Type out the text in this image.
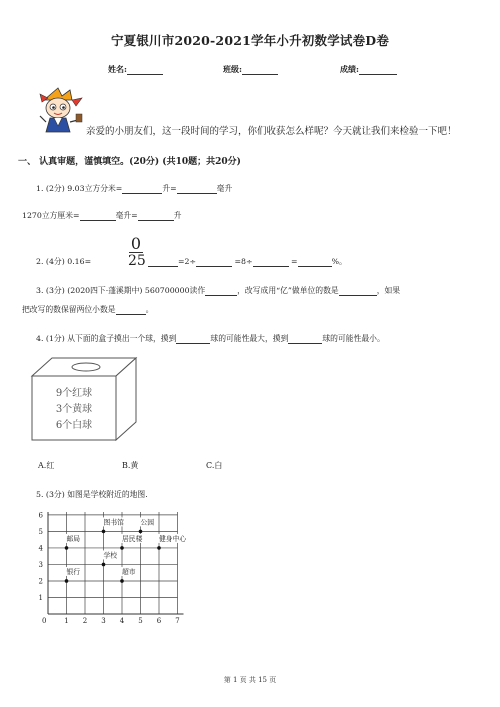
宁夏银川市2020-2021学年小升初数学试卷D卷
姓名:	班级:	成绩:
亲爱的小朋友们，这一段时间的学习，你们收获怎么样呢？今天就让我们来检验一下吧！
一、 认真审题，谨慎填空。(20分) (共10题；共20分)
1. (2分) 9.03立方分米=	升=	毫升
1270立方厘米=	毫升=	升
0
25
2. (4分) 0.16=	=2÷	=8÷	=	%。
3. (3分) (2020四下·蓬溪期中) 560700000读作	，改写成用“亿”做单位的数是	，如果
把改写的数保留两位小数是	。
4. (1分) 从下面的盒子摸出一个球，摸到	球的可能性最大，摸到	球的可能性最小。
9个红球
3个黄球
6个白球
A.红	B.黄	C.白
5. (3分) 如图是学校附近的地图.
1 2 3 4 5 6 7
1
2
3
4
5
6
0
图书馆 公园
邮局	居民楼 健身中心
学校
银行	超市
第 1 页 共 15 页
